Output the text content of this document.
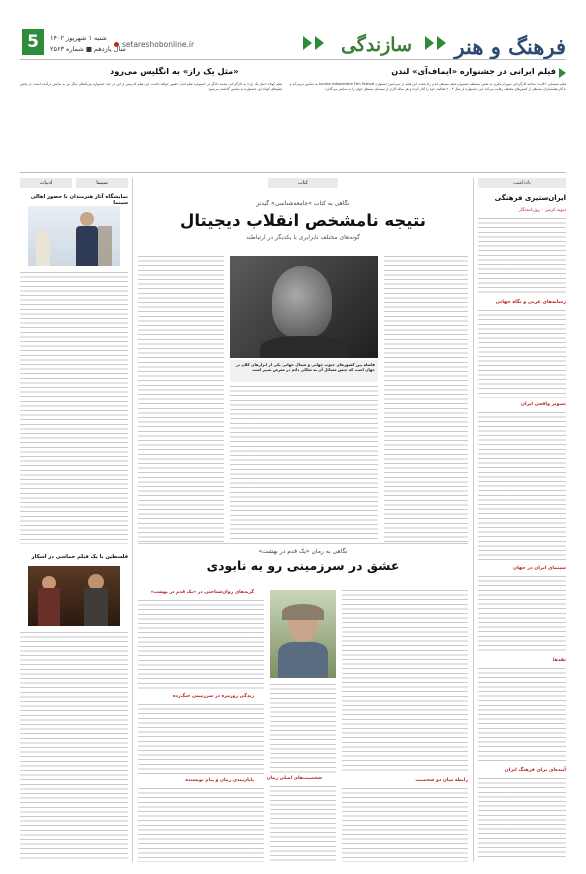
فرهنگ و هنر
سازندگی
setareshobonline.ir
شنبه ۱ شهریور ۱۴۰۲
سال یازدهم ■ شماره ۲۵۶۳
5
فیلم ایرانی در جشنواره «ایماف‌آی» لندن
فیلم سینمایی «کاپ» ساخته کارگردانی شهرام مکری به بخش مسابقه جشنواره فیلم مستقل لندن راه یافت. این فیلم در سی‌امین جشنواره London Independent Film Festival به نمایش درمی‌آید و با آثار فیلمسازان مستقل از کشورهای مختلف رقابت می‌کند. این جشنواره از سال ۲۰۰۴ فعالیت خود را آغاز کرده و هر ساله آثاری از سینمای مستقل جهان را به نمایش می‌گذارد.
«مثل یک راز» به انگلیس می‌رود
فیلم کوتاه «مثل یک راز» به کارگردانی محمد دادگر در جشنواره فیلم لندن حضور خواهد داشت. این فیلم که پیش از این در چند جشنواره بین‌المللی دیگر نیز به نمایش درآمده است، در بخش فیلم‌های کوتاه این جشنواره به نمایش گذاشته می‌شود.
یادداشت
ایران‌ستیزی فرهنگی
دیوید کرمی - روزنامه‌نگار
رسانه‌های غربی و نگاه جهانی
تصویر واقعی ایران
سینمای ایران در جهان
نقد‌ها
آینده‌ای برای فرهنگ ایران
سینما
ادبیات
نمایشگاه آثار هنرمندان با حضور اهالی سینما
فلسطین با یک فیلم حماسی در اسکار
کتاب
نگاهی به کتاب «جامعه‌شناسی» گیدنز
نتیجه نامشخص انقلاب دیجیتال
گونه‌های مختلف نابرابری با یکدیگر در ارتباطند
فاصله بین کشورهای جنوب جهانی و شمال جهانی یکی از ابزارهای کلان در جهان است که جنس مسائل آن به شکلی دائم در معرض تغییر است
نگاهی به رمان «یک قدم در بهشت»
عشق در سرزمینی رو به نابودی
گریه‌های روان‌شناختی در «یک قدم در بهشت»
شخصیت‌های اصلی رمان	رابطه میان دو شخصیت
زندگی روزمره در سرزمینی جنگ‌زده
پایان‌بندی رمان و پیام نویسنده
